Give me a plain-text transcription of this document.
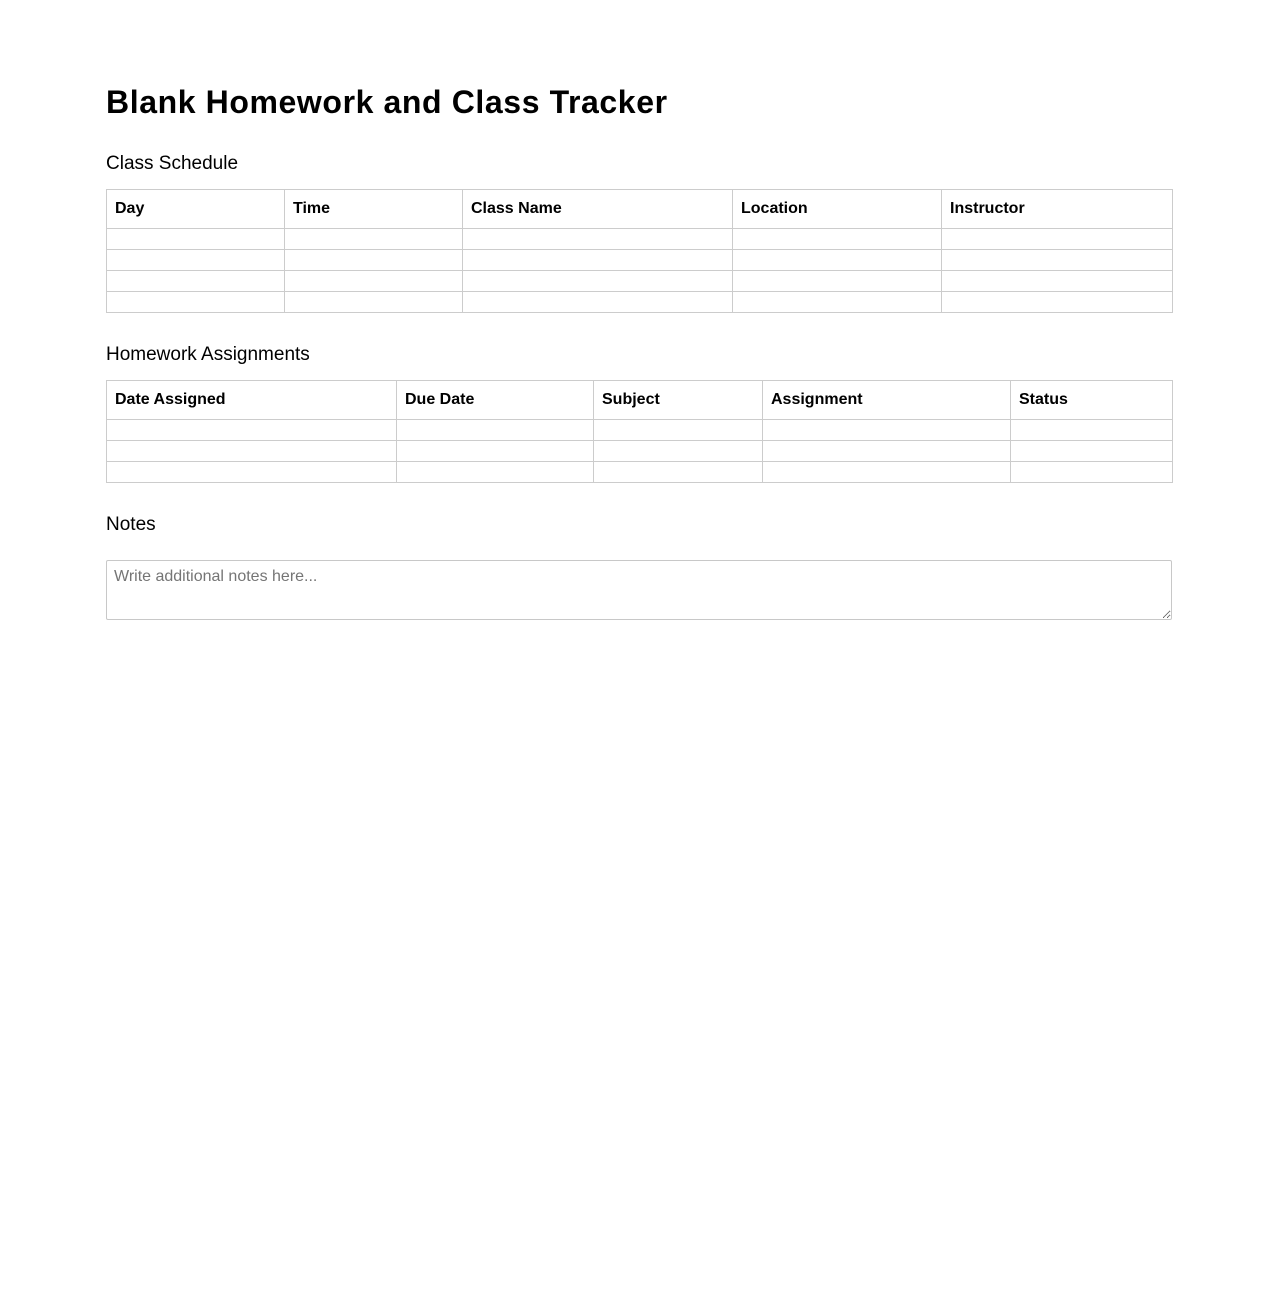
Blank Homework and Class Tracker
Class Schedule
Day	Time	Class Name	Location	Instructor

Homework Assignments
Date Assigned	Due Date	Subject	Assignment	Status

Notes
Write additional notes here...
